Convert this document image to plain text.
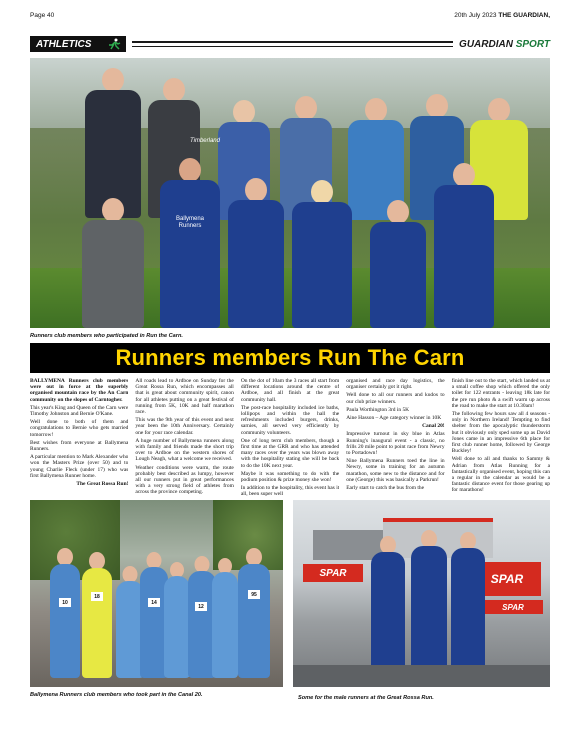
Page 40	20th July 2023 THE GUARDIAN,
ATHLETICS	GUARDIAN SPORT
Timberland
Ballymena Runners
Runners club members who participated in Run the Carn.
Runners members Run The Carn

BALLYMENA Runners club members were out in force at the superbly organised mountain race by the An Carn community on the slopes of Carntogher.

This year's King and Queen of the Carn were Timothy Johnston and Bernie O'Kane.

Well done to both of them and congratulations to Bernie who gets married tomorrow!

Best wishes from everyone at Ballymena Runners.

A particular mention to Mark Alexander who won the Masters Prize (over 50) and to young Charlie Fleck (under 17) who was first Ballymena Runner home.

The Great Rossa Run!

All roads lead to Ardboe on Sunday for the Great Rossa Run, which encompasses all that is great about community spirit, canon for all athletes putting on a great festival of running from 5K, 10K and half marathon race.

This was the 9th year of this event and next year been the 10th Anniversary. Certainly one for your race calendar.

A huge number of Ballymena runners along with family and friends made the short trip over to Ardboe on the western shores of Lough Neagh, what a welcome we received.

Weather conditions were warm, the route probably best described as lumpy, however all our runners put in great performances with a very strong field of athletes from across the province competing.

On the dot of 10am the 3 races all start from different locations around the centre of Ardboe, and all finish at the great community hall.

The post-race hospitality included ice baths, lollipops and within the hall the refreshments included burgers, drinks, sarnies, all served very efficiently by community volunteers.

One of long term club members, though a first time at the GRR and who has attended many races over the years was blown away with the hospitality stating she will be back to do the 10K next year.

Maybe it was something to do with the podium position & prize money she won!

In addition to the hospitality, this event has it all, been super well

organised and race day logistics, the organiser certainly got it right.

Well done to all our runners and kudos to our club prize winners.

Paula Worthington 3rd in 5K

Aine Hasson – Age category winner in 10K

Canal 20!

Impressive turnout in sky blue in Atlas Running's inaugural event - a classic, no frills 20 mile point to point race from Newry to Portadown!

Nine Ballymena Runners toed the line in Newry, some in training for an autumn marathon, some new to the distance and for one (George) this was basically a Parkrun!

Early start to catch the bus from the

finish line out to the start, which landed us at a small coffee shop which offered the only toilet for 122 entrants - leaving 18k late for the pre run photo & a swift warm up across the road to make the start at 10.30am!

The following few hours saw all 4 seasons - only in Northern Ireland! Tempting to find shelter from the apocalyptic thunderstorm but it obviously only sped some up as David Jones came in an impressive 6th place for first club runner home, followed by George Buckley!

Well done to all and thanks to Sammy & Adrian from Atlas Running for a fantastically organised event, hoping this can a regular in the calendar as would be a fantastic distance event for those gearing up for marathons!

10
18
14
12
95
Ballymena Runners club members who took part in the Canal 20.
SPAR	SPAR
SPAR
Some for the male runners at the Great Rossa Run.
